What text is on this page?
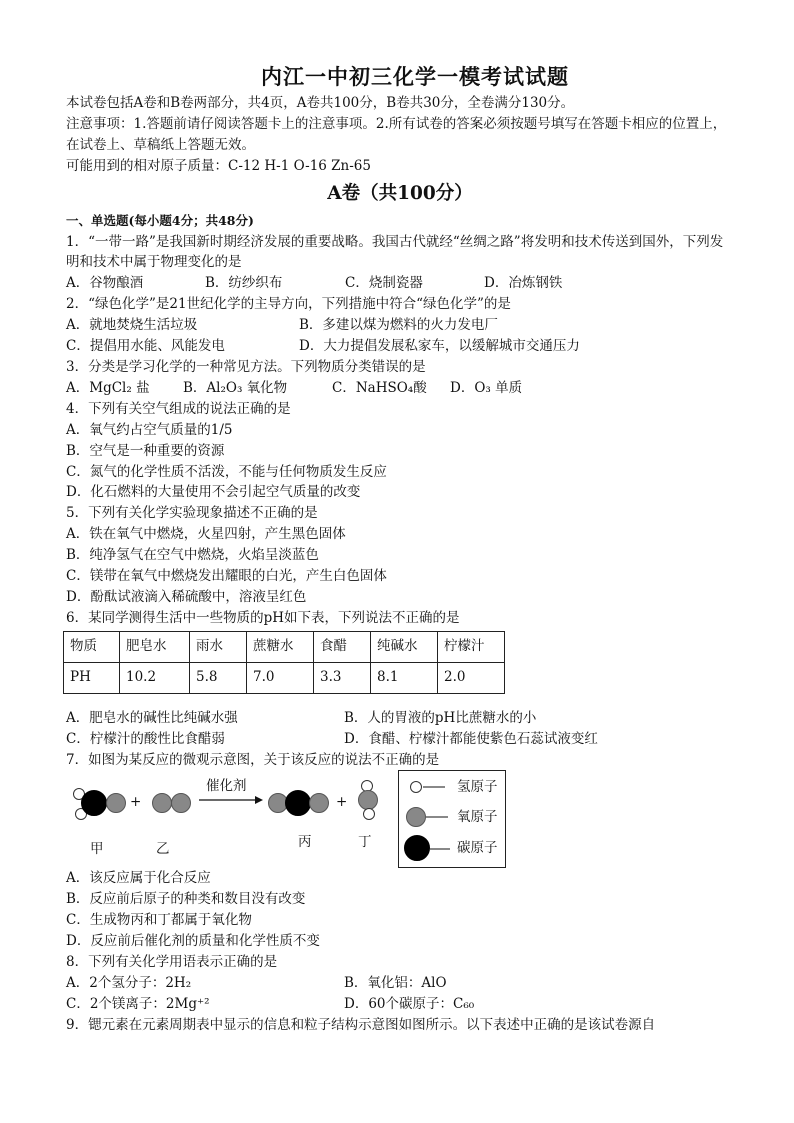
内江一中初三化学一模考试试题
本试卷包括A卷和B卷两部分，共4页，A卷共100分，B卷共30分，全卷满分130分。
注意事项：1.答题前请仔阅读答题卡上的注意事项。2.所有试卷的答案必须按题号填写在答题卡相应的位置上，在试卷上、草稿纸上答题无效。
可能用到的相对原子质量：C-12 H-1 O-16 Zn-65
A卷（共100分）
一、单选题(每小题4分；共48分)
1．“一带一路”是我国新时期经济发展的重要战略。我国古代就经“丝绸之路”将发明和技术传送到国外，下列发明和技术中属于物理变化的是
A．谷物酿酒	B．纺纱织布	C．烧制瓷器	D．冶炼钢铁
2．“绿色化学”是21世纪化学的主导方向，下列措施中符合“绿色化学”的是
A．就地焚烧生活垃圾	B．多建以煤为燃料的火力发电厂
C．提倡用水能、风能发电	D．大力提倡发展私家车，以缓解城市交通压力
3．分类是学习化学的一种常见方法。下列物质分类错误的是
A．MgCl₂ 盐	B．Al₂O₃ 氧化物	C．NaHSO₄酸	D．O₃ 单质
4．下列有关空气组成的说法正确的是
A．氧气约占空气质量的1/5
B．空气是一种重要的资源
C．氮气的化学性质不活泼，不能与任何物质发生反应
D．化石燃料的大量使用不会引起空气质量的改变
5．下列有关化学实验现象描述不正确的是
A．铁在氧气中燃烧，火星四射，产生黑色固体
B．纯净氢气在空气中燃烧，火焰呈淡蓝色
C．镁带在氧气中燃烧发出耀眼的白光，产生白色固体
D．酚酞试液滴入稀硫酸中，溶液呈红色
6．某同学测得生活中一些物质的pH如下表，下列说法不正确的是
物质	肥皂水	雨水	蔗糖水	食醋	纯碱水	柠檬汁
PH	10.2	5.8	7.0	3.3	8.1	2.0
A．肥皂水的碱性比纯碱水强	B．人的胃液的pH比蔗糖水的小
C．柠檬汁的酸性比食醋弱	D．食醋、柠檬汁都能使紫色石蕊试液变红
7．如图为某反应的微观示意图，关于该反应的说法不正确的是
+
催化剂
+
甲	乙	丙	丁
氢原子
氧原子
碳原子
A．该反应属于化合反应
B．反应前后原子的种类和数目没有改变
C．生成物丙和丁都属于氧化物
D．反应前后催化剂的质量和化学性质不变
8．下列有关化学用语表示正确的是
A．2个氢分子：2H₂	B．氧化铝：AlO
C．2个镁离子：2Mg⁺²	D．60个碳原子：C₆₀
9．锶元素在元素周期表中显示的信息和粒子结构示意图如图所示。以下表述中正确的是该试卷源自
